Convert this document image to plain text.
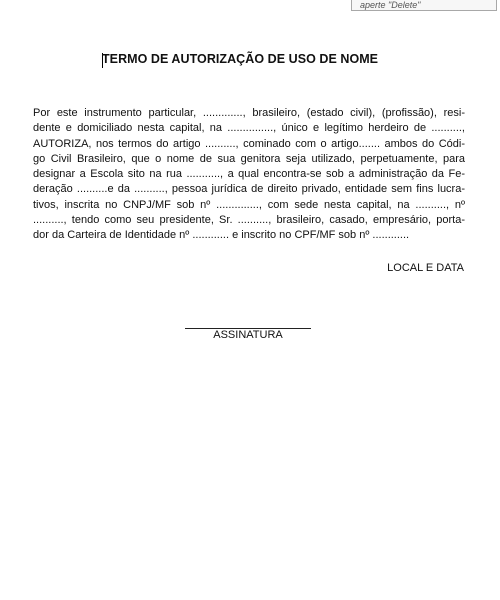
aperte "Delete"
TERMO DE AUTORIZAÇÃO DE USO DE NOME
Por este instrumento particular, ............., brasileiro, (estado civil), (profissão), resi-
dente e domiciliado nesta capital, na ..............., único e legítimo herdeiro de ..........,
AUTORIZA, nos termos do artigo .........., cominado com o artigo....... ambos do Códi-
go Civil Brasileiro, que o nome de sua genitora seja utilizado, perpetuamente, para
designar a Escola sito na rua ..........., a qual encontra-se sob a administração da Fe-
deração ..........e da .........., pessoa jurídica de direito privado, entidade sem fins lucra-
tivos, inscrita no CNPJ/MF sob nº .............., com sede nesta capital, na .........., nº
.........., tendo como seu presidente, Sr. .........., brasileiro, casado, empresário, porta-
dor da Carteira de Identidade nº ............ e inscrito no CPF/MF sob nº ............
LOCAL E DATA
ASSINATURA
